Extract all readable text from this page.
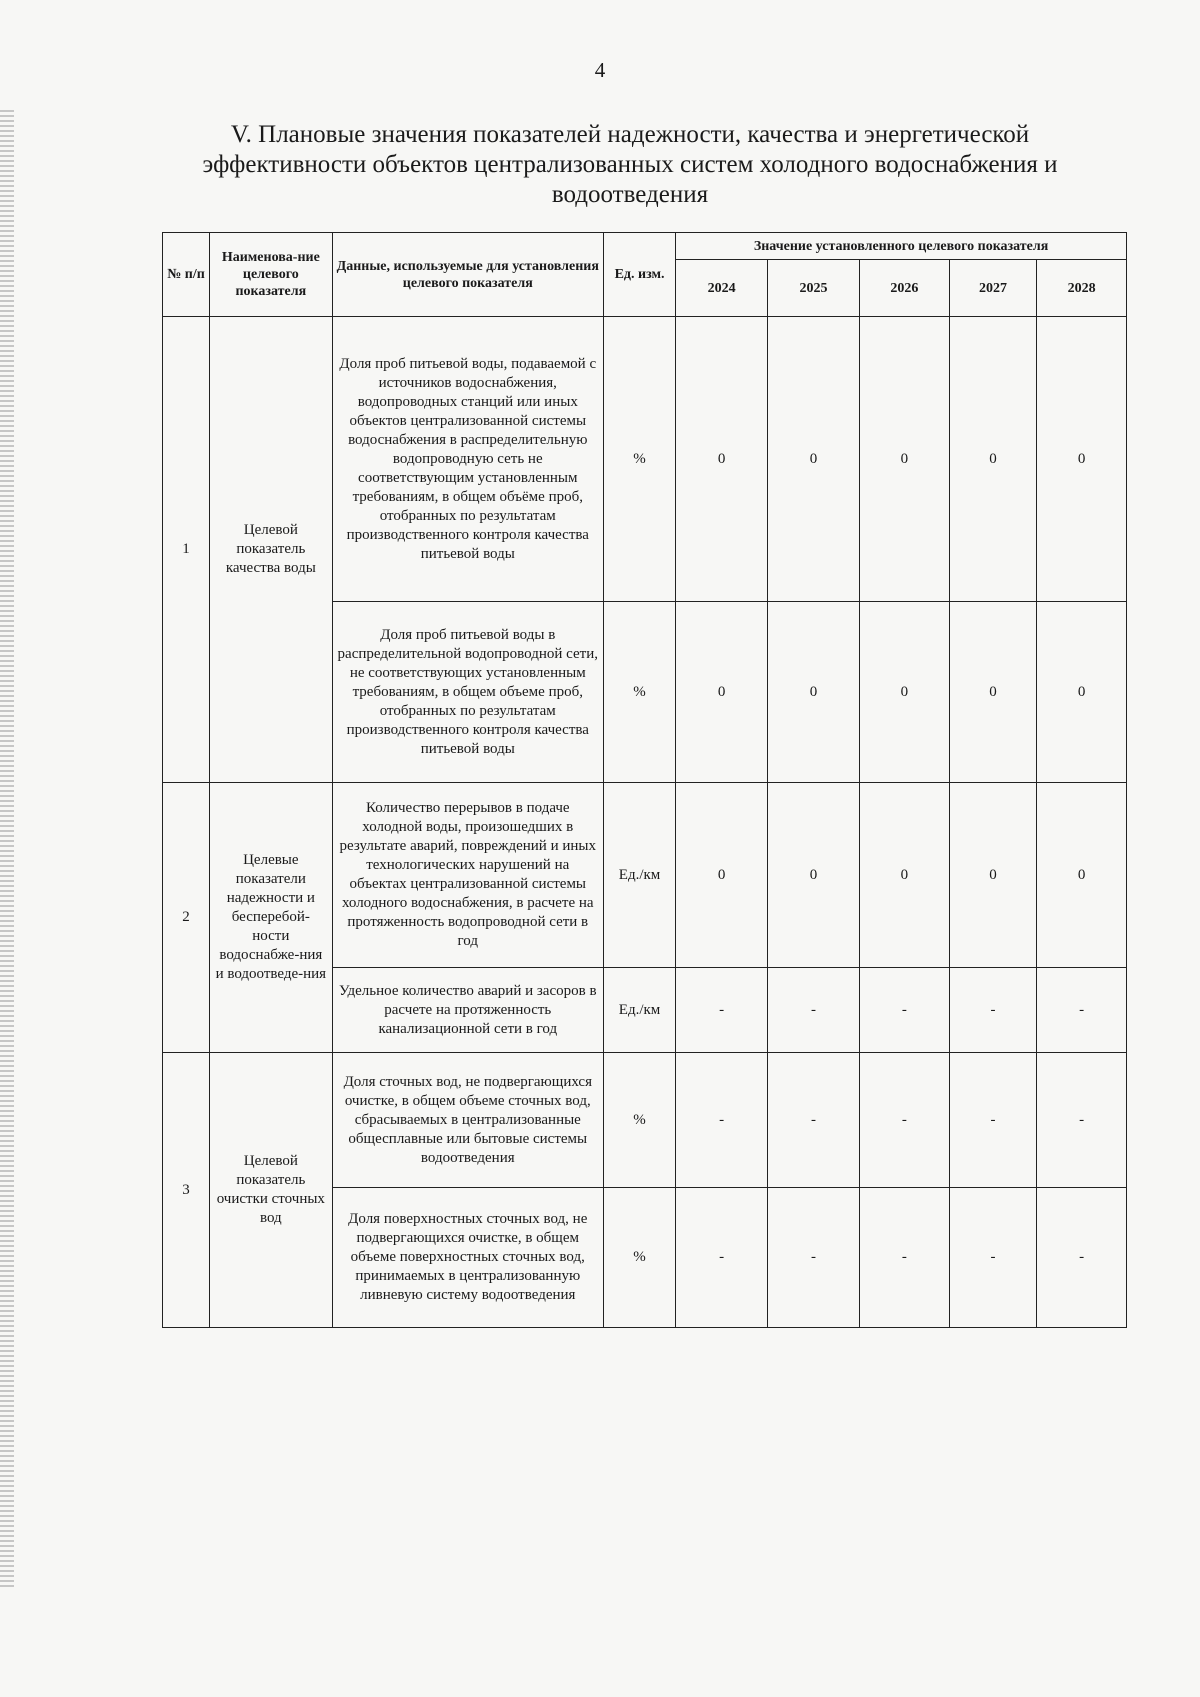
4
V. Плановые значения показателей надежности, качества и энергетической эффективности объектов централизованных систем холодного водоснабжения и водоотведения
№ п/п	Наименова-ние целевого показателя	Данные, используемые для установления целевого показателя	Ед. изм.	Значение установленного целевого показателя				
				2024	2025	2026	2027	2028
1	Целевой показатель качества воды	Доля проб питьевой воды, подаваемой с источников водоснабжения, водопроводных станций или иных объектов централизованной системы водоснабжения в распределительную водопроводную сеть не соответствующим установленным требованиям, в общем объёме проб, отобранных по результатам производственного контроля качества питьевой воды	%	0	0	0	0	0
		Доля проб питьевой воды в распределительной водопроводной сети, не соответствующих установленным требованиям, в общем объеме проб, отобранных по результатам производственного контроля качества питьевой воды	%	0	0	0	0	0
2	Целевые показатели надежности и бесперебой-ности водоснабже-ния и водоотведе-ния	Количество перерывов в подаче холодной воды, произошедших в результате аварий, повреждений и иных технологических нарушений на объектах централизованной системы холодного водоснабжения, в расчете на протяженность водопроводной сети в год	Ед./км	0	0	0	0	0
		Удельное количество аварий и засоров в расчете на протяженность канализационной сети в год	Ед./км	-	-	-	-	-
3	Целевой показатель очистки сточных вод	Доля сточных вод, не подвергающихся очистке, в общем объеме сточных вод, сбрасываемых в централизованные общесплавные или бытовые системы водоотведения	%	-	-	-	-	-
		Доля поверхностных сточных вод, не подвергающихся очистке, в общем объеме поверхностных сточных вод, принимаемых в централизованную ливневую систему водоотведения	%	-	-	-	-	-
